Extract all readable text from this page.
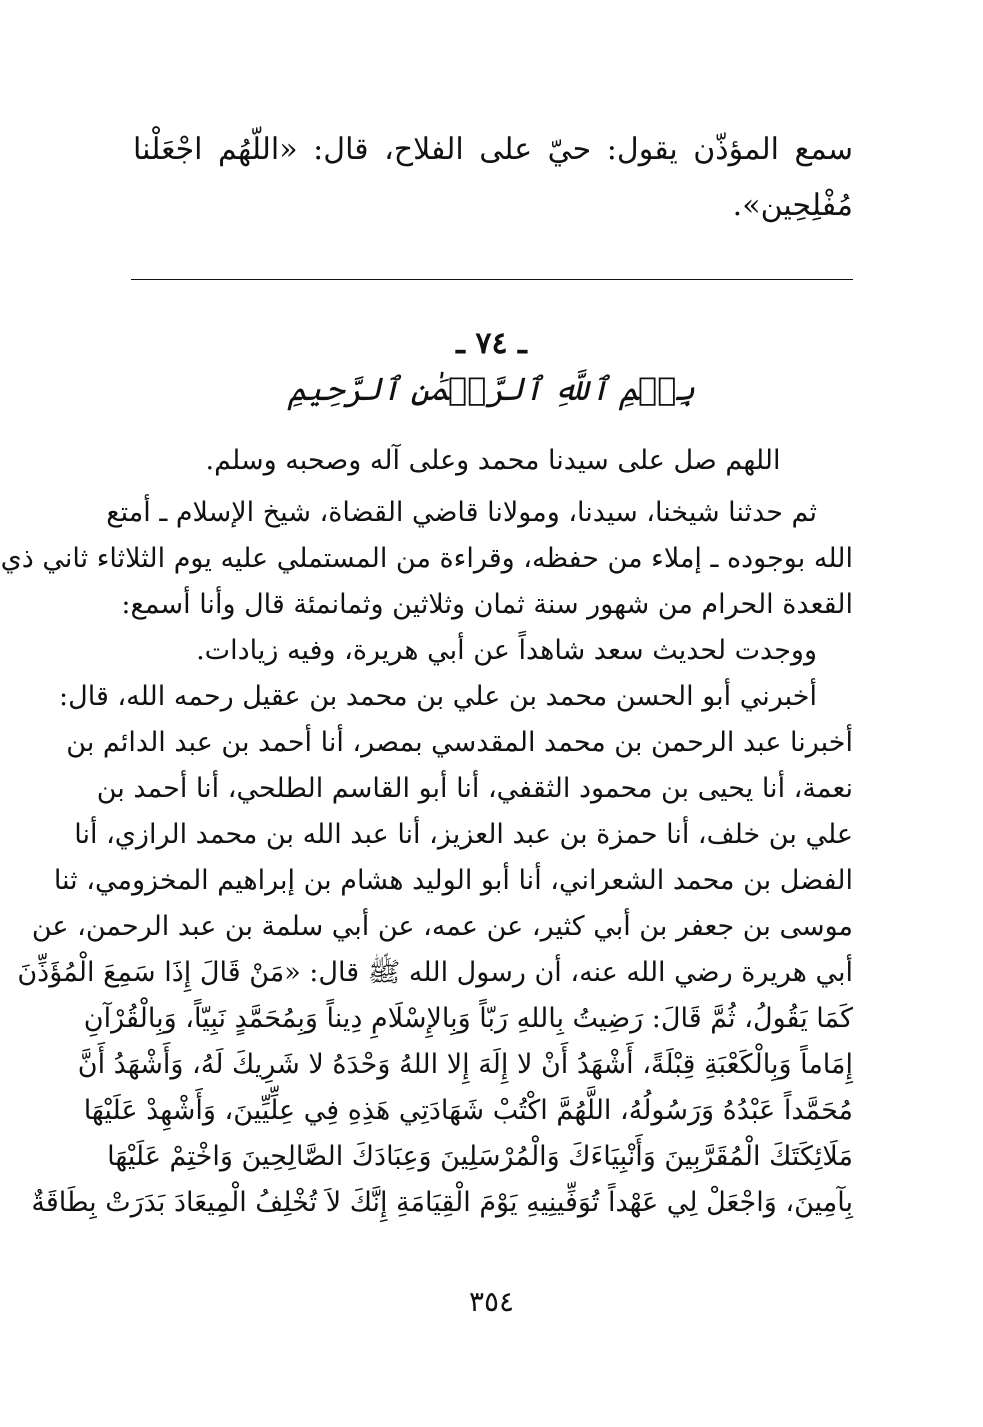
سمع المؤذّن يقول: حيّ على الفلاح، قال: «اللّهُم اجْعَلْنا
مُفْلِحِين».
ـ ٧٤ ـ
بِسۡمِ ٱللَّهِ ٱلرَّحۡمَٰنِ ٱلرَّحِيمِ
اللهم صل على سيدنا محمد وعلى آله وصحبه وسلم.
ثم حدثنا شيخنا، سيدنا، ومولانا قاضي القضاة، شيخ الإسلام ـ أمتع
الله بوجوده ـ إملاء من حفظه، وقراءة من المستملي عليه يوم الثلاثاء ثاني ذي
القعدة الحرام من شهور سنة ثمان وثلاثين وثمانمئة قال وأنا أسمع:
ووجدت لحديث سعد شاهداً عن أبي هريرة، وفيه زيادات.
أخبرني أبو الحسن محمد بن علي بن محمد بن عقيل رحمه الله، قال:
أخبرنا عبد الرحمن بن محمد المقدسي بمصر، أنا أحمد بن عبد الدائم بن
نعمة، أنا يحيى بن محمود الثقفي، أنا أبو القاسم الطلحي، أنا أحمد بن
علي بن خلف، أنا حمزة بن عبد العزيز، أنا عبد الله بن محمد الرازي، أنا
الفضل بن محمد الشعراني، أنا أبو الوليد هشام بن إبراهيم المخزومي، ثنا
موسى بن جعفر بن أبي كثير، عن عمه، عن أبي سلمة بن عبد الرحمن، عن
أبي هريرة رضي الله عنه، أن رسول الله ﷺ قال: «مَنْ قَالَ إِذَا سَمِعَ الْمُؤَذِّنَ
كَمَا يَقُولُ، ثُمَّ قَالَ: رَضِيتُ بِاللهِ رَبّاً وَبِالإِسْلَامِ دِيناً وَبِمُحَمَّدٍ نَبِيّاً، وَبِالْقُرْآنِ
إِمَاماً وَبِالْكَعْبَةِ قِبْلَةً، أَشْهَدُ أَنْ لا إِلَهَ إِلا اللهُ وَحْدَهُ لا شَرِيكَ لَهُ، وَأَشْهَدُ أَنَّ
مُحَمَّداً عَبْدُهُ وَرَسُولُهُ، اللَّهُمَّ اكْتُبْ شَهَادَتِي هَذِهِ فِي عِلِّيِّينَ، وَأَشْهِدْ عَلَيْهَا
مَلَائِكَتَكَ الْمُقَرَّبِينَ وَأَنْبِيَاءَكَ وَالْمُرْسَلِينَ وَعِبَادَكَ الصَّالِحِينَ وَاخْتِمْ عَلَيْهَا
بِآمِينَ، وَاجْعَلْ لِي عَهْداً تُوَفِّينِيهِ يَوْمَ الْقِيَامَةِ إِنَّكَ لاَ تُخْلِفُ الْمِيعَادَ بَدَرَتْ بِطَاقَةٌ
٣٥٤
